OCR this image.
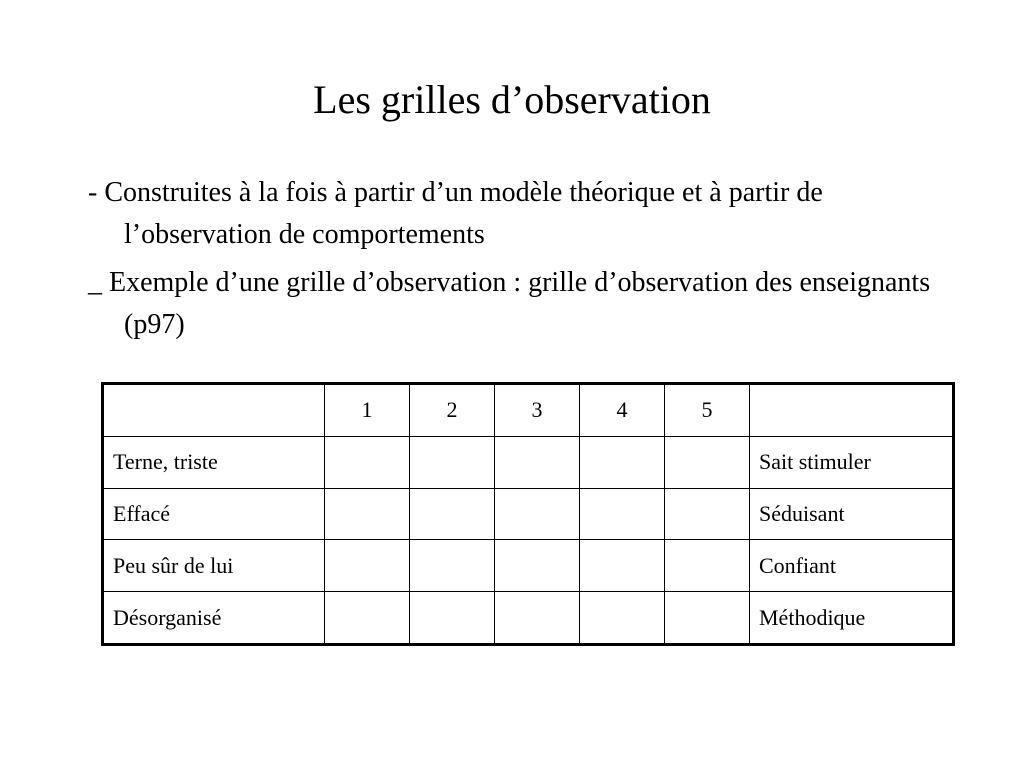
Les grilles d’observation
- Construites à la fois à partir d’un modèle théorique et à partir de l’observation de comportements
_ Exemple d’une grille d’observation : grille d’observation des enseignants (p97)
	1	2	3	4	5	
Terne, triste						Sait stimuler
Effacé						Séduisant
Peu sûr de lui						Confiant
Désorganisé						Méthodique
